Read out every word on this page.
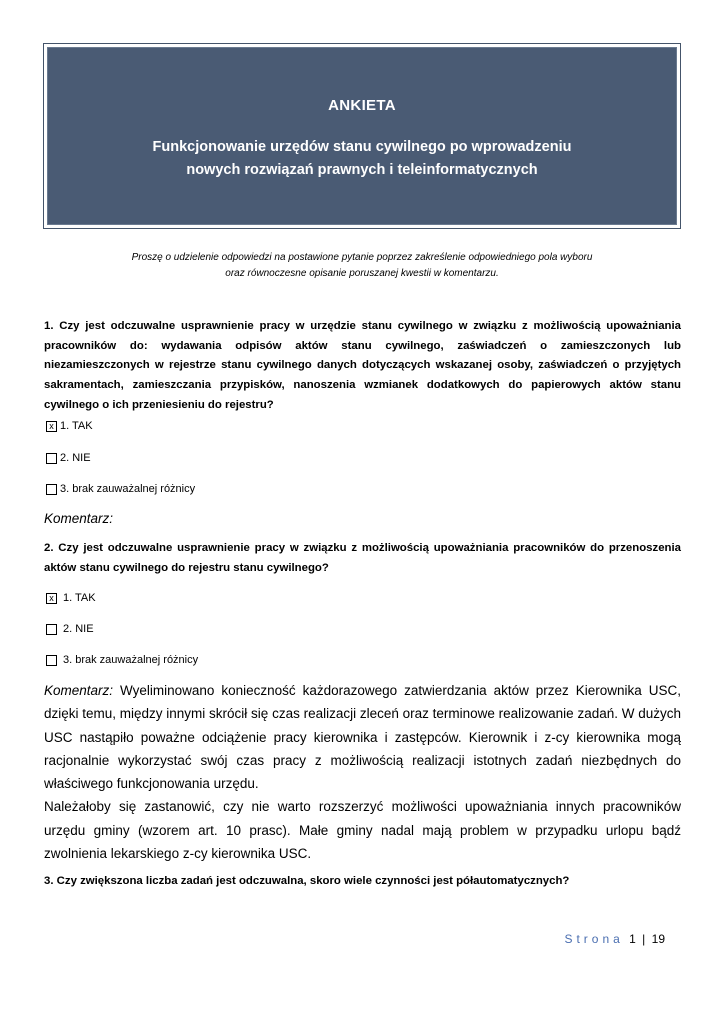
ANKIETA
Funkcjonowanie urzędów stanu cywilnego po wprowadzeniu
nowych rozwiązań prawnych i teleinformatycznych
Proszę o udzielenie odpowiedzi na postawione pytanie poprzez zakreślenie odpowiedniego pola wyboru
oraz równoczesne opisanie poruszanej kwestii w komentarzu.
1. Czy jest odczuwalne usprawnienie pracy w urzędzie stanu cywilnego w związku z możliwością upoważniania pracowników do: wydawania odpisów aktów stanu cywilnego, zaświadczeń o zamieszczonych lub niezamieszczonych w rejestrze stanu cywilnego danych dotyczących wskazanej osoby, zaświadczeń o przyjętych sakramentach, zamieszczania przypisków, nanoszenia wzmianek dodatkowych do papierowych aktów stanu cywilnego o ich przeniesieniu do rejestru?
x 1. TAK
2. NIE
3. brak zauważalnej różnicy
Komentarz:
2. Czy jest odczuwalne usprawnienie pracy w związku z możliwością upoważniania pracowników do przenoszenia aktów stanu cywilnego do rejestru stanu cywilnego?
x 1. TAK
2. NIE
3. brak zauważalnej różnicy

Komentarz: Wyeliminowano konieczność każdorazowego zatwierdzania aktów przez Kierownika USC, dzięki temu, między innymi skrócił się czas realizacji zleceń oraz terminowe realizowanie zadań. W dużych USC nastąpiło poważne odciążenie pracy kierownika i zastępców. Kierownik i z-cy kierownika mogą racjonalnie wykorzystać swój czas pracy z możliwością realizacji istotnych zadań niezbędnych do właściwego funkcjonowania urzędu.

Należałoby się zastanowić, czy nie warto rozszerzyć możliwości upoważniania innych pracowników urzędu gminy (wzorem art. 10 prasc). Małe gminy nadal mają problem w przypadku urlopu bądź zwolnienia lekarskiego z-cy kierownika USC.

3. Czy zwiększona liczba zadań jest odczuwalna, skoro wiele czynności jest półautomatycznych?
Strona 1 | 19
